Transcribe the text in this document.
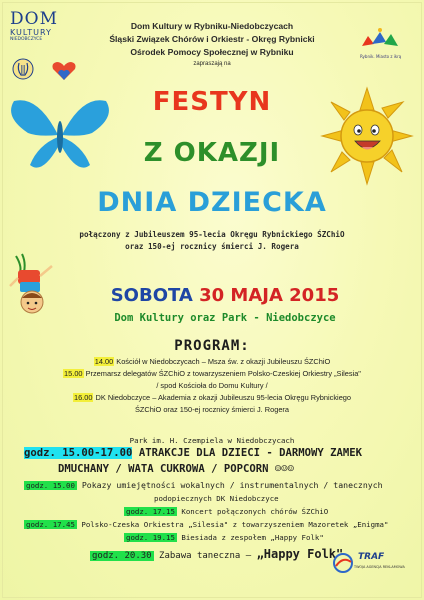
DOM
KULTURY
NIEDOBCZYCE
Rybnik. Miasto z ikrą
Dom Kultury w Rybniku-Niedobczycach
Śląski Związek Chórów i Orkiestr - Okręg Rybnicki
Ośrodek Pomocy Społecznej w Rybniku
zapraszają na
FESTYN
Z OKAZJI
DNIA DZIECKA
połączony z Jubileuszem 95-lecia Okręgu Rybnickiego ŚZChiO
oraz 150-ej rocznicy śmierci J. Rogera
SOBOTA 30 MAJA 2015
Dom Kultury oraz Park - Niedobczyce
PROGRAM:
14.00 Kościół w Niedobczycach – Msza św. z okazji Jubileuszu ŚZChiO
15.00 Przemarsz delegatów ŚZChiO z towarzyszeniem Polsko-Czeskiej Orkiestry „Silesia"
/ spod Kościoła do Domu Kultury /
16.00 DK Niedobczyce – Akademia z okazji Jubileuszu 95-lecia Okręgu Rybnickiego
ŚZChiO oraz 150-ej rocznicy śmierci J. Rogera
Park im. H. Czempiela w Niedobczycach
godz. 15.00-17.00 ATRAKCJE DLA DZIECI - DARMOWY ZAMEK
DMUCHANY / WATA CUKROWA / POPCORN ☺☺☺
godz. 15.00 Pokazy umiejętności wokalnych / instrumentalnych / tanecznych
podopiecznych DK Niedobczyce
godz. 17.15 Koncert połączonych chórów ŚZChiO
godz. 17.45 Polsko-Czeska Orkiestra „Silesia" z towarzyszeniem Mazoretek „Enigma"
godz. 19.15 Biesiada z zespołem „Happy Folk"
godz. 20.30 Zabawa taneczna – „Happy Folk"	TRAF
TWOJA AGENCJA REKLAMOWA
